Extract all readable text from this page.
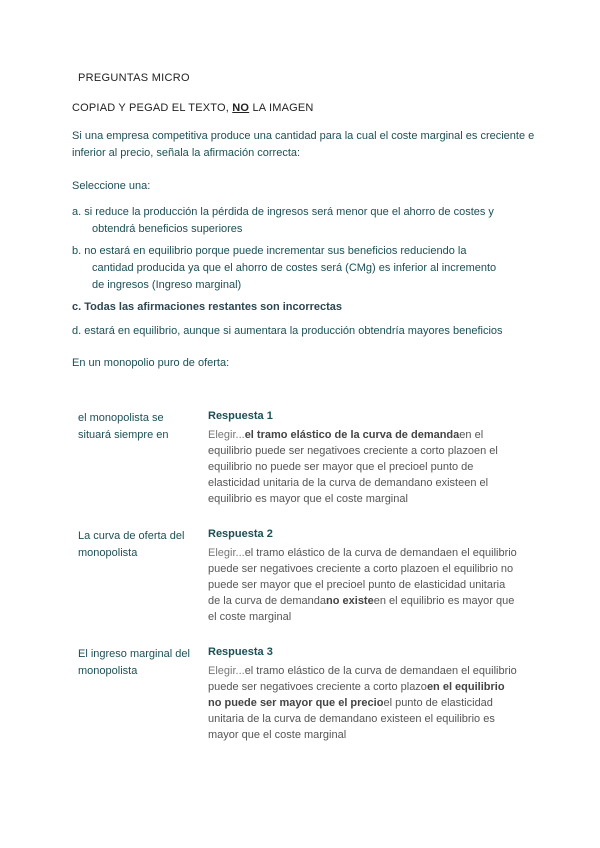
PREGUNTAS MICRO
COPIAD Y PEGAD EL TEXTO, NO LA IMAGEN
Si una empresa competitiva produce una cantidad para la cual el coste marginal es creciente e inferior al precio, señala la afirmación correcta:
Seleccione una:
a. si reduce la producción la pérdida de ingresos será menor que el ahorro de costes y
obtendrá beneficios superiores
b. no estará en equilibrio porque puede incrementar sus beneficios reduciendo la
cantidad producida ya que el ahorro de costes será (CMg) es inferior al incremento
de ingresos (Ingreso marginal)
c. Todas las afirmaciones restantes son incorrectas
d. estará en equilibrio, aunque si aumentara la producción obtendría mayores beneficios
En un monopolio puro de oferta:
el monopolista se situará siempre en
Respuesta 1
Elegir...el tramo elástico de la curva de demandaen el equilibrio puede ser negativoes creciente a corto plazoen el equilibrio no puede ser mayor que el precioel punto de elasticidad unitaria de la curva de demandano existeen el equilibrio es mayor que el coste marginal
La curva de oferta del monopolista
Respuesta 2
Elegir...el tramo elástico de la curva de demandaen el equilibrio puede ser negativoes creciente a corto plazoen el equilibrio no puede ser mayor que el precioel punto de elasticidad unitaria de la curva de demandano existeen el equilibrio es mayor que el coste marginal
El ingreso marginal del monopolista
Respuesta 3
Elegir...el tramo elástico de la curva de demandaen el equilibrio puede ser negativoes creciente a corto plazoen el equilibrio no puede ser mayor que el precioel punto de elasticidad unitaria de la curva de demandano existeen el equilibrio es mayor que el coste marginal
